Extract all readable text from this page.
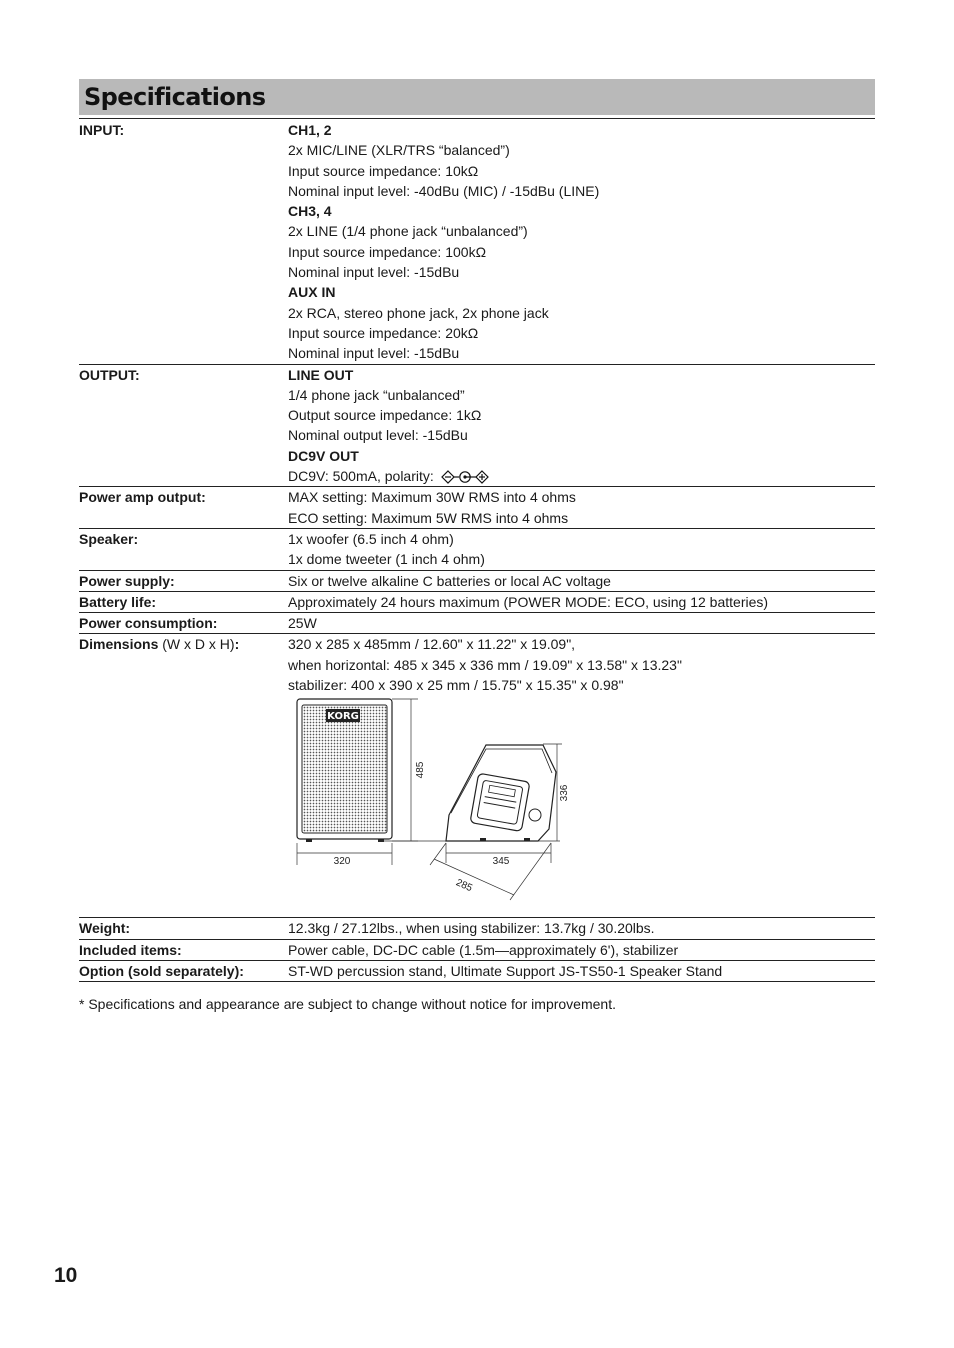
Specifications
INPUT:	CH1, 2
2x MIC/LINE (XLR/TRS “balanced”)
Input source impedance: 10kΩ
Nominal input level: -40dBu (MIC) / -15dBu (LINE)
CH3, 4
2x LINE (1/4 phone jack “unbalanced”)
Input source impedance: 100kΩ
Nominal input level: -15dBu
AUX IN
2x RCA, stereo phone jack, 2x phone jack
Input source impedance: 20kΩ
Nominal input level: -15dBu
OUTPUT:	LINE OUT
1/4 phone jack “unbalanced”
Output source impedance: 1kΩ
Nominal output level: -15dBu
DC9V OUT
DC9V: 500mA, polarity:
Power amp output:	MAX setting: Maximum 30W RMS into 4 ohms
ECO setting: Maximum 5W RMS into 4 ohms
Speaker:	1x woofer (6.5 inch 4 ohm)
1x dome tweeter (1 inch 4 ohm)
Power supply:	Six or twelve alkaline C batteries or local AC voltage
Battery life:	Approximately 24 hours maximum (POWER MODE: ECO, using 12 batteries)
Power consumption:	25W
Dimensions (W x D x H):	320 x 285 x 485mm / 12.60" x 11.22" x 19.09",
when horizontal: 485 x 345 x 336 mm / 19.09" x 13.58" x 13.23"
stabilizer: 400 x 390 x 25 mm / 15.75" x 15.35" x 0.98"
KORG
485
320
336
345
285
Weight:	12.3kg / 27.12lbs., when using stabilizer: 13.7kg / 30.20lbs.
Included items:	Power cable, DC-DC cable (1.5m—approximately 6'), stabilizer
Option (sold separately):	ST-WD percussion stand, Ultimate Support JS-TS50-1 Speaker Stand
* Specifications and appearance are subject to change without notice for improvement.
10
